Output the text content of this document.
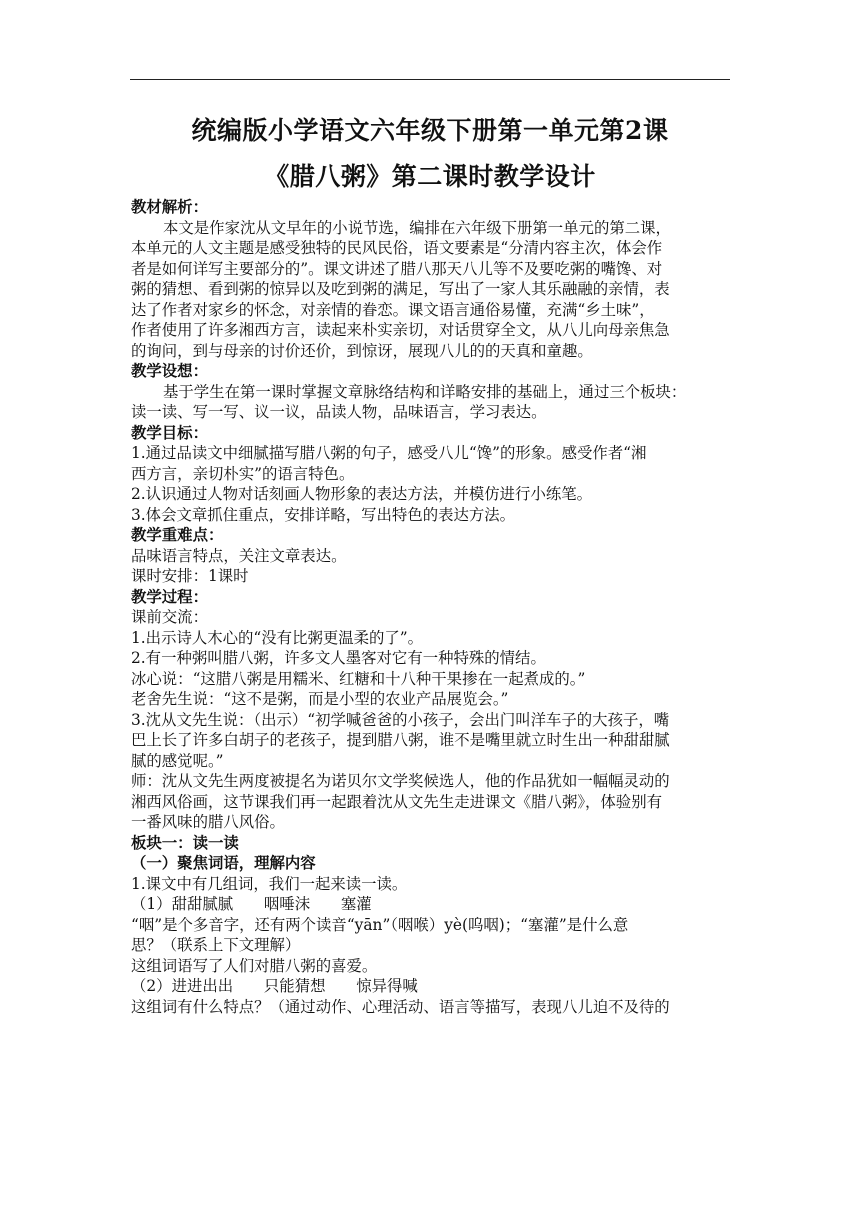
统编版小学语文六年级下册第一单元第2课
《腊八粥》第二课时教学设计

教材解析：

本文是作家沈从文早年的小说节选，编排在六年级下册第一单元的第二课，

本单元的人文主题是感受独特的民风民俗，语文要素是“分清内容主次，体会作

者是如何详写主要部分的”。课文讲述了腊八那天八儿等不及要吃粥的嘴馋、对

粥的猜想、看到粥的惊异以及吃到粥的满足，写出了一家人其乐融融的亲情，表

达了作者对家乡的怀念，对亲情的眷恋。课文语言通俗易懂，充满“乡土味”，

作者使用了许多湘西方言，读起来朴实亲切，对话贯穿全文，从八儿向母亲焦急

的询问，到与母亲的讨价还价，到惊讶，展现八儿的的天真和童趣。

教学设想：

基于学生在第一课时掌握文章脉络结构和详略安排的基础上，通过三个板块：

读一读、写一写、议一议，品读人物，品味语言，学习表达。

教学目标：

1.通过品读文中细腻描写腊八粥的句子，感受八儿“馋”的形象。感受作者“湘

西方言，亲切朴实”的语言特色。

2.认识通过人物对话刻画人物形象的表达方法，并模仿进行小练笔。

3.体会文章抓住重点，安排详略，写出特色的表达方法。

教学重难点：

品味语言特点，关注文章表达。

课时安排：1课时

教学过程：

课前交流：

1.出示诗人木心的“没有比粥更温柔的了”。

2.有一种粥叫腊八粥，许多文人墨客对它有一种特殊的情结。

冰心说：“这腊八粥是用糯米、红糖和十八种干果掺在一起煮成的。”

老舍先生说：“这不是粥，而是小型的农业产品展览会。”

3.沈从文先生说：（出示）“初学喊爸爸的小孩子，会出门叫洋车子的大孩子，嘴

巴上长了许多白胡子的老孩子，提到腊八粥，谁不是嘴里就立时生出一种甜甜腻

腻的感觉呢。”

师：沈从文先生两度被提名为诺贝尔文学奖候选人，他的作品犹如一幅幅灵动的

湘西风俗画，这节课我们再一起跟着沈从文先生走进课文《腊八粥》，体验别有

一番风味的腊八风俗。

板块一：读一读

（一）聚焦词语，理解内容

1.课文中有几组词，我们一起来读一读。

（1）甜甜腻腻　　咽唾沫　　塞灌

“咽”是个多音字，还有两个读音“yān”（咽喉）yè(呜咽)；“塞灌”是什么意

思？（联系上下文理解）

这组词语写了人们对腊八粥的喜爱。

（2）进进出出　　只能猜想　　惊异得喊

这组词有什么特点？（通过动作、心理活动、语言等描写，表现八儿迫不及待的
